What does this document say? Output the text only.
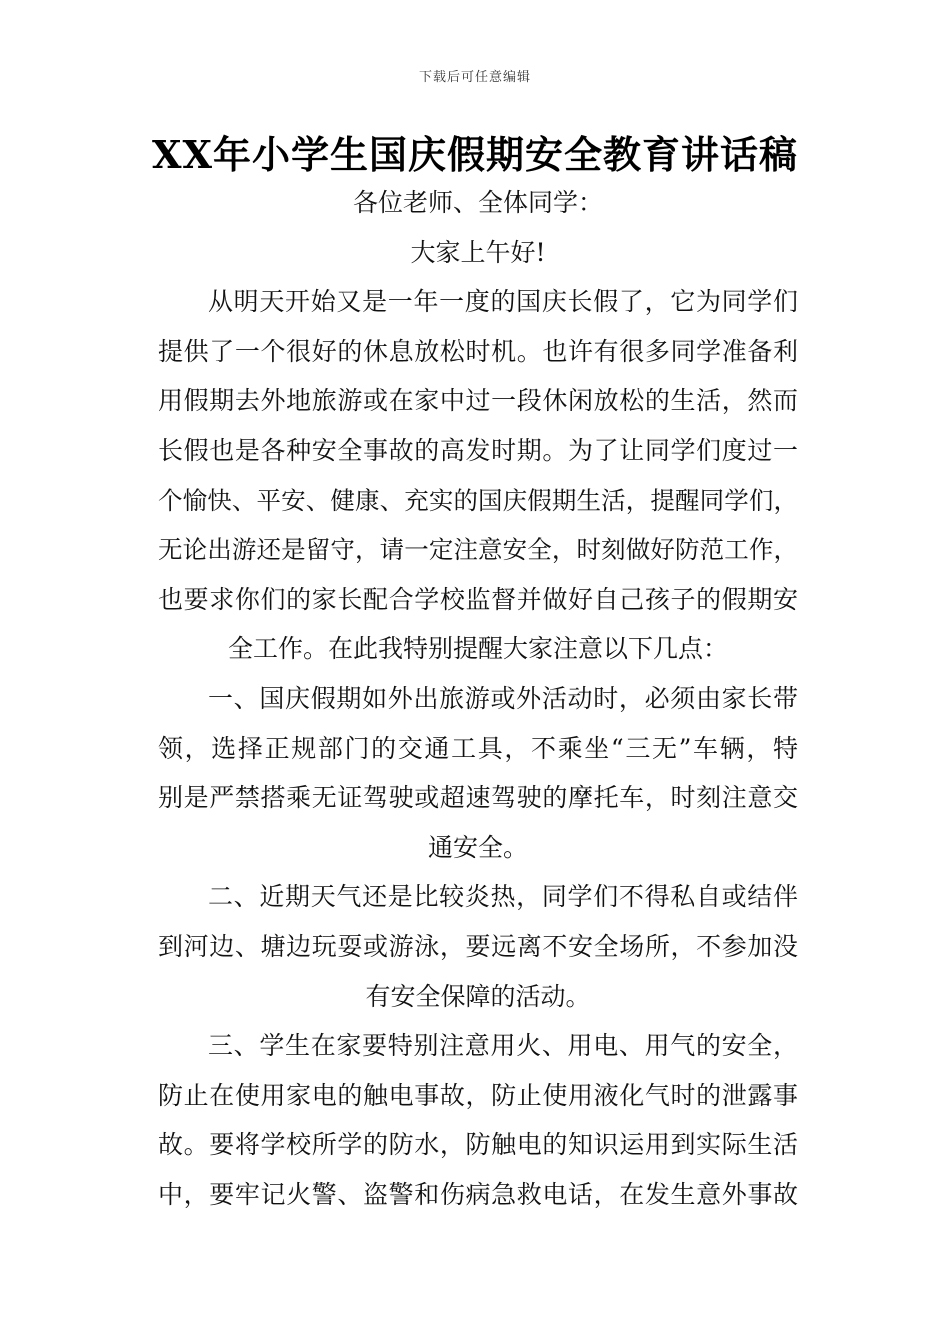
下载后可任意编辑
XX年小学生国庆假期安全教育讲话稿
各位老师、全体同学：
大家上午好!
从明天开始又是一年一度的国庆长假了，它为同学们
提供了一个很好的休息放松时机。也许有很多同学准备利
用假期去外地旅游或在家中过一段休闲放松的生活，然而
长假也是各种安全事故的高发时期。为了让同学们度过一
个愉快、平安、健康、充实的国庆假期生活，提醒同学们，
无论出游还是留守，请一定注意安全，时刻做好防范工作，
也要求你们的家长配合学校监督并做好自己孩子的假期安
全工作。在此我特别提醒大家注意以下几点：
一、国庆假期如外出旅游或外活动时，必须由家长带
领，选择正规部门的交通工具，不乘坐“三无”车辆，特
别是严禁搭乘无证驾驶或超速驾驶的摩托车，时刻注意交
通安全。
二、近期天气还是比较炎热，同学们不得私自或结伴
到河边、塘边玩耍或游泳，要远离不安全场所，不参加没
有安全保障的活动。
三、学生在家要特别注意用火、用电、用气的安全，
防止在使用家电的触电事故，防止使用液化气时的泄露事
故。要将学校所学的防水，防触电的知识运用到实际生活
中，要牢记火警、盗警和伤病急救电话，在发生意外事故
